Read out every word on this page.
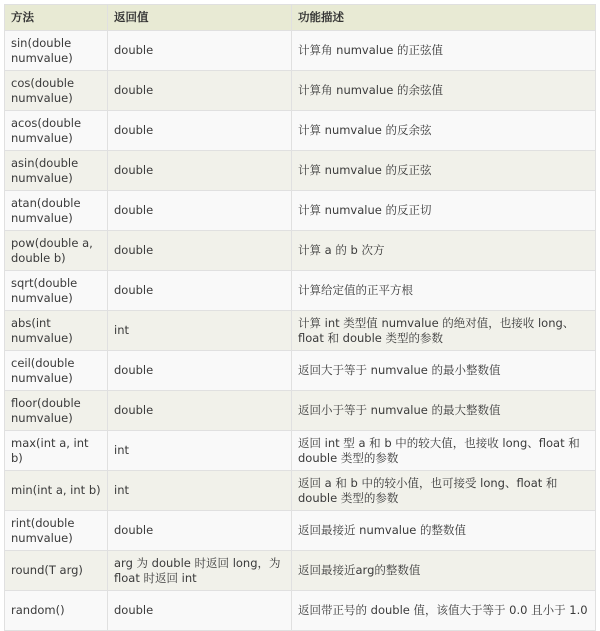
方法	返回值	功能描述
sin(double numvalue)	double	计算角 numvalue 的正弦值
cos(double numvalue)	double	计算角 numvalue 的余弦值
acos(double numvalue)	double	计算 numvalue 的反余弦
asin(double numvalue)	double	计算 numvalue 的反正弦
atan(double numvalue)	double	计算 numvalue 的反正切
pow(double a, double b)	double	计算 a 的 b 次方
sqrt(double numvalue)	double	计算给定值的正平方根
abs(int numvalue)	int	计算 int 类型值 numvalue 的绝对值，也接收 long、float 和 double 类型的参数
ceil(double numvalue)	double	返回大于等于 numvalue 的最小整数值
floor(double numvalue)	double	返回小于等于 numvalue 的最大整数值
max(int a, int b)	int	返回 int 型 a 和 b 中的较大值，也接收 long、float 和 double 类型的参数
min(int a, int b)	int	返回 a 和 b 中的较小值，也可接受 long、float 和 double 类型的参数
rint(double numvalue)	double	返回最接近 numvalue 的整数值
round(T arg)	arg 为 double 时返回 long，为 float 时返回 int	返回最接近arg的整数值
random()	double	返回带正号的 double 值，该值大于等于 0.0 且小于 1.0
